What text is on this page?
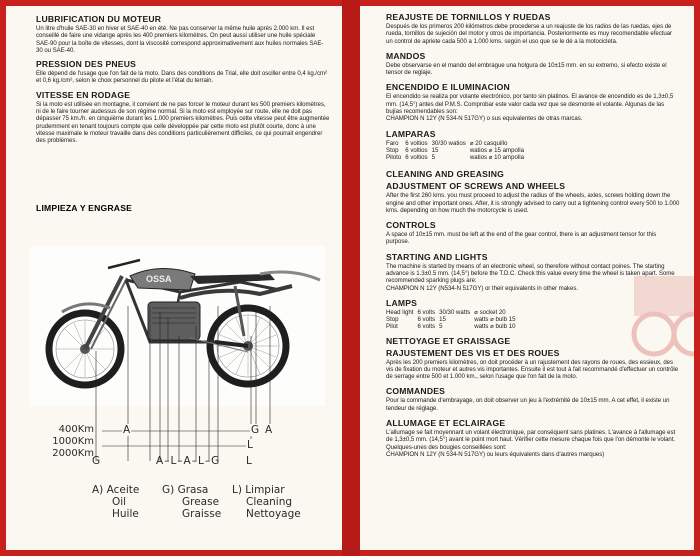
LUBRIFICATION DU MOTEUR

Un litre d'huile SAE-30 en hiver et SAE-40 en été. Ne pas conserver la même huile après 2.000 km. Il est conseillé de faire une vidange après les 400 premiers kilomètres. On peut aussi utiliser une huile spéciale SAE-90 pour la boîte de vitesses, dont la viscosité correspond approximativement aux huiles normales SAE-30 ou SAE-40.

PRESSION DES PNEUS

Elle dépend de l'usage que l'on fait de la moto. Dans des conditions de Trial, elle doit osciller entre 0,4 kg./cm² et 0,6 kg./cm², selon le choix personnel du pilote et l'état du terrain.

VITESSE EN RODAGE

Si la moto est utilisée en montagne, il convient de ne pas forcer le moteur durant les 500 premiers kilomètres, ni de le faire tourner audessus de son régime normal. Si la moto est employée sur route, elle ne doit pas dépasser 75 km./h. en cinquième durant les 1.000 premiers kilomètres. Puis cette vitesse peut être augmentée prudemment en tenant toujours compte que celle développée par cette moto est plutôt courte, donc à une vitesse maximale le moteur travaille dans des conditions particulièrement difficiles, ce qui pourrait engendrer des problèmes.

LIMPIEZA Y ENGRASE
OSSA
400Km
1000Km
2000Km
A	G A
L
G	A–L–A–L–G L
A) Aceite
Oil
Huile
G) Grasa
Grease
Graisse
L) Limpiar
Cleaning
Nettoyage
REAJUSTE DE TORNILLOS Y RUEDAS

Después de los primeros 200 kilómetros debe procederse a un reajuste de los radios de las ruedas, ejes de rueda, tornillos de sujeción del motor y otros de importancia. Posteriormente es muy recomendable efectuar un control de apriete cada 500 a 1.000 kms. según el uso que se le dé a la motocicleta.

MANDOS

Debe observarse en el mando del embrague una holgura de 10±15 mm. en su extremo, si efecto existe el tensor de reglaje.

ENCENDIDO E ILUMINACION

El encendido se realiza por volante electrónico, por tanto sin platinos. El avance de encendido es de 1,3±0,5 mm. (14,5°) antes del P.M.S. Comprobar este valor cada vez que se desmonte el volante. Algunas de las bujías recomendables son:

CHAMPION N 12Y (N 534-N 517GY) o sus equivalentes de otras marcas.

LAMPARAS
Faro	6 voltios	30/30 watios	⌀ 20 casquillo
Stop	6 voltios	15	watios ⌀ 15 ampolla
Piloto	6 voltios	5	watios ⌀ 10 ampolla
CLEANING AND GREASING
ADJUSTMENT OF SCREWS AND WHEELS

After the first 260 kms. you must proceed to adjust the radius of the wheels, axles, screws holding down the engine and other important ones. After, it is strongly advised to carry out a tightening control every 500 to 1.000 kms. depending on how much the motorcycle is used.

CONTROLS

A space of 10±15 mm. must be left at the end of the gear control, there is an adjustment tensor for this purpose.

STARTING AND LIGHTS

The machine is started by means of an electronic wheel, so therefore without contact poines. The starting advance is 1.3±0.5 mm. (14,5°) before the T.D.C. Check this value every time the wheel is taken apart. Some recommended sparking plugs are:

CHAMPION N 12Y (N534-N 517GY) or their equivalents in other makes.

LAMPS
Head light	6 volts	30/30 watts	⌀ socket 20
Stop	6 volts	15	watts ⌀ bulb 15
Pilot	6 volts	5	watts ⌀ bulb 10
NETTOYAGE ET GRAISSAGE
RAJUSTEMENT DES VIS ET DES ROUES

Après les 200 premiers kilomètres, on doit procéder à un rajustement des rayons de roues, des essieux, des vis de fixation du moteur et autres vis importantes. Ensuite il est tout à fait recommandé d'effectuer un contrôle de serrage entre 500 et 1.000 km., selon l'usage que l'on fait de la moto.

COMMANDES

Pour la commande d'embrayage, on doit observer un jeu à l'extrémité de 10±15 mm. A cet effet, il existe un tendeur de réglage.

ALLUMAGE ET ECLAIRAGE

L'allumage se fait moyennant un volant électronique, par conséquent sans platines. L'avance à l'allumage est de 1,3±0,5 mm. (14,5°) avant le point mort haut. Vérifier cette mesure chaque fois que l'on démonte le volant. Quelques-unes des bougies conseillées sont:

CHAMPION N 12Y (N 534-N 517GY) ou leurs équivalents dans d'autres marques)
